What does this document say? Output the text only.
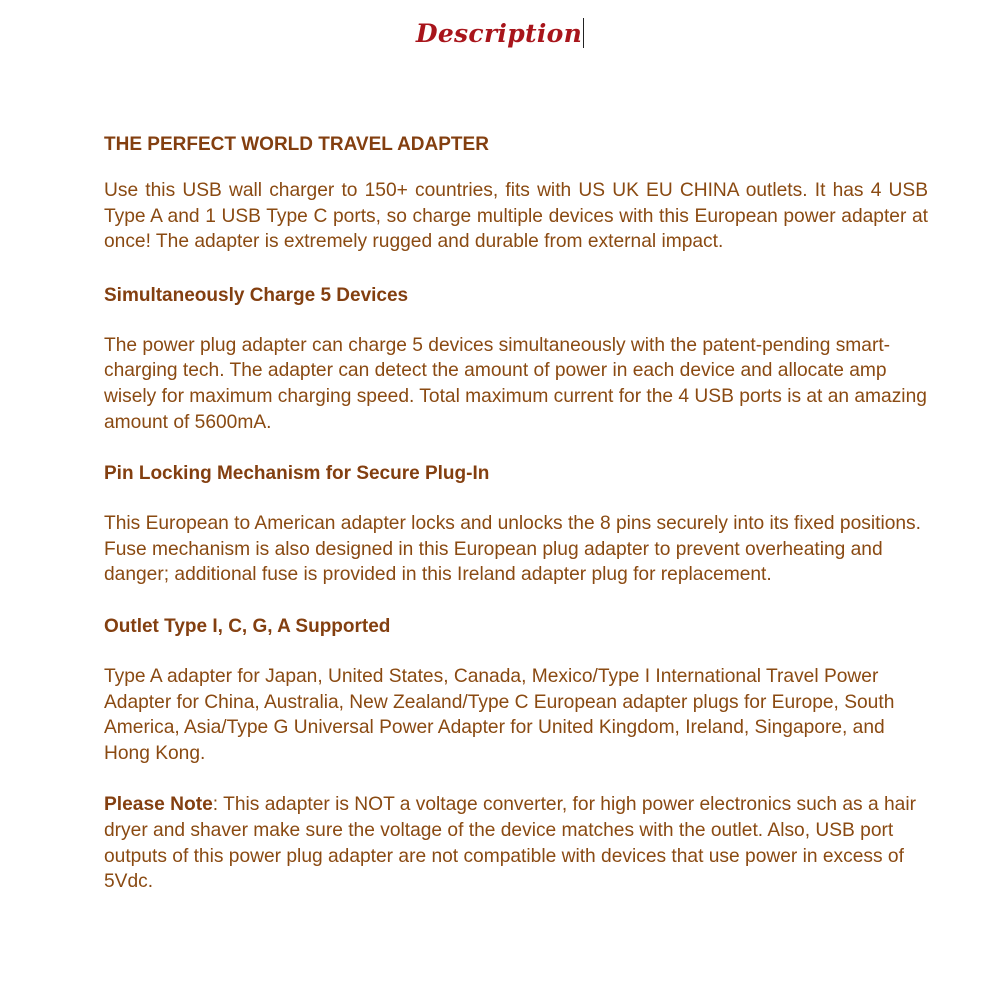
Description
THE PERFECT WORLD TRAVEL ADAPTER

Use this USB wall charger to 150+ countries, fits with US UK EU CHINA outlets. It has 4 USB Type A and 1 USB Type C ports, so charge multiple devices with this European power adapter at once! The adapter is extremely rugged and durable from external impact.

Simultaneously Charge 5 Devices

The power plug adapter can charge 5 devices simultaneously with the patent-pending smart-charging tech. The adapter can detect the amount of power in each device and allocate amp wisely for maximum charging speed. Total maximum current for the 4 USB ports is at an amazing amount of 5600mA.

Pin Locking Mechanism for Secure Plug-In

This European to American adapter locks and unlocks the 8 pins securely into its fixed positions. Fuse mechanism is also designed in this European plug adapter to prevent overheating and danger; additional fuse is provided in this Ireland adapter plug for replacement.

Outlet Type I, C, G, A Supported

Type A adapter for Japan, United States, Canada, Mexico/Type I International Travel Power Adapter for China, Australia, New Zealand/Type C European adapter plugs for Europe, South America, Asia/Type G Universal Power Adapter for United Kingdom, Ireland, Singapore, and Hong Kong.

Please Note: This adapter is NOT a voltage converter, for high power electronics such as a hair dryer and shaver make sure the voltage of the device matches with the outlet. Also, USB port outputs of this power plug adapter are not compatible with devices that use power in excess of 5Vdc.
